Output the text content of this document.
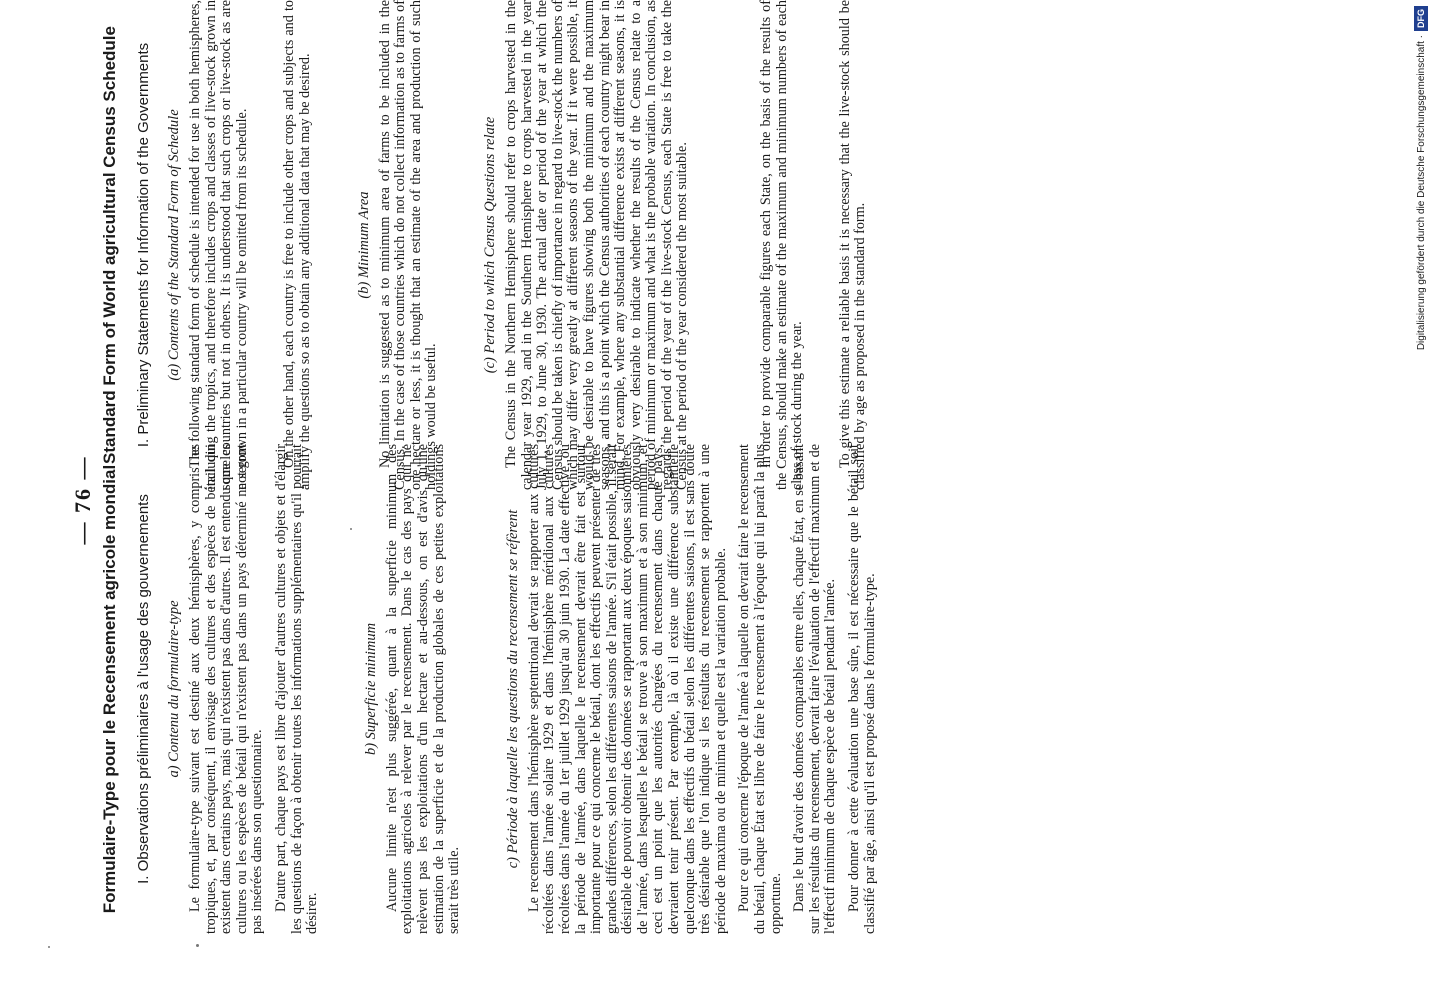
— 76 — Formulaire-Type pour le Recensement agricole mondial I. Observations préliminaires à l'usage des gouvernements a) Contenu du formulaire-type Le formulaire-type suivant est destiné aux deux hémisphères, y compris les tropiques, et, par conséquent, il envisage des cultures et des espèces de bétail qui existent dans certains pays, mais qui n'existent pas dans d'autres. Il est entendu que les cultures ou les espèces de bétail qui n'existent pas dans un pays déterminé ne seront pas insérées dans son questionnaire. D'autre part, chaque pays est libre d'ajouter d'autres cultures et objets et d'élargir les questions de façon à obtenir toutes les informations supplémentaires qu'il pourrait désirer.

b) Superficie minimum Aucune limite n'est plus suggérée, quant à la superficie minimum des exploitations agricoles à relever par le recensement. Dans le cas des pays qui ne relèvent pas les exploitations d'un hectare et au-dessous, on est d'avis qu'une estimation de la superficie et de la production globales de ces petites exploitations serait très utile.

c) Période à laquelle les questions du recensement se réfèrent Le recensement dans l'hémisphère septentrional devrait se rapporter aux cultures récoltées dans l'année solaire 1929 et dans l'hémisphère méridional aux cultures récoltées dans l'année du 1er juillet 1929 jusqu'au 30 juin 1930. La date effective, ou la période de l'année, dans laquelle le recensement devrait être fait est surtout importante pour ce qui concerne le bétail, dont les effectifs peuvent présenter de très grandes différences, selon les différentes saisons de l'année. S'il était possible, il serait désirable de pouvoir obtenir des données se rapportant aux deux époques saisonnières de l'année, dans lesquelles le bétail se trouve à son maximum et à son minimum, et ceci est un point que les autorités chargées du recensement dans chaque pays, devraient tenir présent. Par exemple, là où il existe une différence substantielle quelconque dans les effectifs du bétail selon les différentes saisons, il est sans doute très désirable que l'on indique si les résultats du recensement se rapportent à une période de maxima ou de minima et quelle est la variation probable. Pour ce qui concerne l'époque de l'année à laquelle on devrait faire le recensement du bétail, chaque État est libre de faire le recensement à l'époque qui lui paraît la plus opportune. Dans le but d'avoir des données comparables entre elles, chaque État, en se basant sur les résultats du recensement, devrait faire l'évaluation de l'effectif maximum et de l'effectif minimum de chaque espèce de bétail pendant l'année. Pour donner à cette évaluation une base sûre, il est nécessaire que le bétail soit classifié par âge, ainsi qu'il est proposé dans le formulaire-type.

Standard Form of World agricultural Census Schedule I. Preliminary Statements for Information of the Governments (a) Contents of the Standard Form of Schedule The following standard form of schedule is intended for use in both hemispheres, including the tropics, and therefore includes crops and classes of live-stock grown in some countries but not in others. It is understood that such crops or live-stock as are not grown in a particular country will be omitted from its schedule. On the other hand, each country is free to include other crops and subjects and to amplify the questions so as to obtain any additional data that may be desired.	(b) Minimum Area No limitation is suggested as to minimum area of farms to be included in the Census. In the case of those countries which do not collect information as to farms of one hectare or less, it is thought that an estimate of the area and production of such holdings would be useful.

(c) Period to which Census Questions relate The Census in the Northern Hemisphere should refer to crops harvested in the calendar year 1929, and in the Southern Hemisphere to crops harvested in the year July 1, 1929, to June 30, 1930. The actual date or period of the year at which the Census should be taken is chiefly of importance in regard to live-stock the numbers of which may differ very greatly at different seasons of the year. If it were possible, it would be desirable to have figures showing both the minimum and the maximum seasons, and this is a point which the Census authorities of each country might bear in mind. For example, where any substantial difference exists at different seasons, it is obviously very desirable to indicate whether the results of the Census relate to a period of minimum or maximum and what is the probable variation. In conclusion, as regards the period of the year of the live-stock Census, each State is free to take the Census at the period of the year considered the most suitable.	In order to provide comparable figures each State, on the basis of the results of the Census, should make an estimate of the maximum and minimum numbers of each class of stock during the year. To give this estimate a reliable basis it is necessary that the live-stock should be classified by age as proposed in the standard form.	Digitalisierung gefördert durch die Deutsche Forschungsgemeinschaft ·DFG
